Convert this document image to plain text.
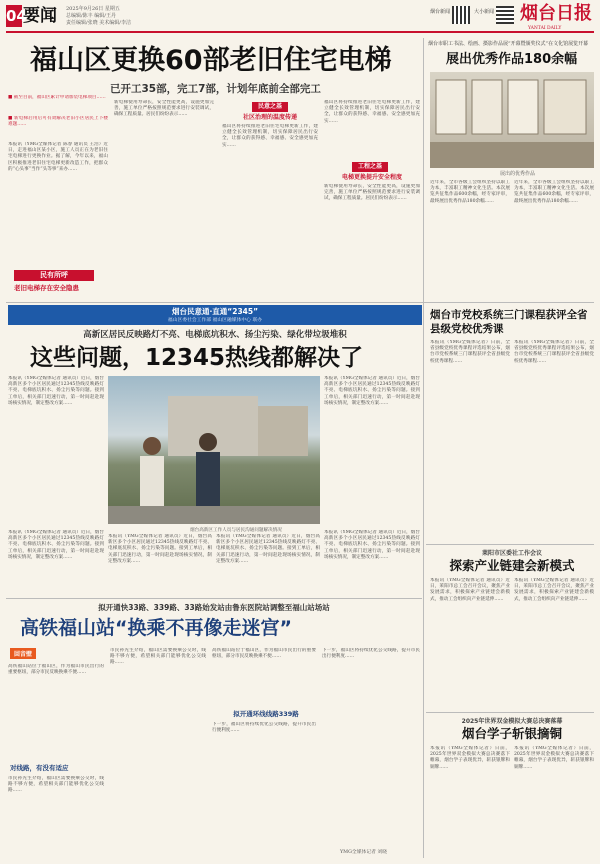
04
要闻 2025年9月26日 星期五
总编辑/陈丰 编辑/王丹
责任编辑/张晓 美术编辑/李洁
烟台新闻	大小新闻 烟台日报
YANTAI DAILY
福山区更换60部老旧住宅电梯
已开工35部，完工7部，计划年底前全部完工
■ 截至目前，福山区累计申请加装电梯项目……
■ 新电梯启用后可有效解决老旧小区居民上下楼难题……
本报讯（YMG全媒体记者 陈春 通讯员 王浩）近日，走进福山区某小区，施工人员正在为老旧住宅电梯进行更换作业。据了解，今年以来，福山区积极推进老旧住宅电梯更新改造工作，把群众的“心头事”当作“头等事”来办……
民有所呼
老旧电梯存在安全隐患
新电梯使用寿命长，安全性能更高，设施更加完善，施工单位严格按照规范要求进行安装调试，确保工程质量。居民们纷纷表示……
民意之基
社区治理的温度传递
福山区将持续推进老旧住宅电梯更新工作，建立健全长效管理机制，切实保障居民出行安全，让群众的获得感、幸福感、安全感更加充实……
福山区将持续推进老旧住宅电梯更新工作，建立健全长效管理机制，切实保障居民出行安全，让群众的获得感、幸福感、安全感更加充实……
工程之基
电梯更换提升安全程度
新电梯使用寿命长，安全性能更高，设施更加完善，施工单位严格按照规范要求进行安装调试，确保工程质量。居民们纷纷表示……
烟台市职工书法、绘画、摄影作品展“开幕暨颁奖仪式”在文化馆展览开幕
展出优秀作品180余幅
展出的优秀作品
近年来，全市各级工会组织坚持以职工为本，丰富职工精神文化生活。本次展览共征集作品600余幅，经专家评审，最终展出优秀作品180余幅……
近年来，全市各级工会组织坚持以职工为本，丰富职工精神文化生活。本次展览共征集作品600余幅，经专家评审，最终展出优秀作品180余幅……
烟台民意通·直通“2345”
福山区委社会工作部 福山区融媒体中心 联办
高新区居民反映路灯不亮、电梯底坑积水、扬尘污染、绿化带垃圾堆积
这些问题，12345热线都解决了
本报讯（YMG全媒体记者 通讯员）近日，烟台高新区多个小区居民通过12345热线反映路灯不亮、电梯底坑积水、扬尘污染等问题。接到工单后，相关部门迅速行动，第一时间赶赴现场核实情况，制定整改方案……
烟台高新区工作人员与居民沟通问题解决情况
本报讯（YMG全媒体记者 通讯员）近日，烟台高新区多个小区居民通过12345热线反映路灯不亮、电梯底坑积水、扬尘污染等问题。接到工单后，相关部门迅速行动，第一时间赶赴现场核实情况，制定整改方案……
本报讯（YMG全媒体记者 通讯员）近日，烟台高新区多个小区居民通过12345热线反映路灯不亮、电梯底坑积水、扬尘污染等问题。接到工单后，相关部门迅速行动，第一时间赶赴现场核实情况，制定整改方案……
本报讯（YMG全媒体记者 通讯员）近日，烟台高新区多个小区居民通过12345热线反映路灯不亮、电梯底坑积水、扬尘污染等问题。接到工单后，相关部门迅速行动，第一时间赶赴现场核实情况，制定整改方案……
本报讯（YMG全媒体记者 通讯员）近日，烟台高新区多个小区居民通过12345热线反映路灯不亮、电梯底坑积水、扬尘污染等问题。接到工单后，相关部门迅速行动，第一时间赶赴现场核实情况，制定整改方案……
本报讯（YMG全媒体记者 通讯员）近日，烟台高新区多个小区居民通过12345热线反映路灯不亮、电梯底坑积水、扬尘污染等问题。接到工单后，相关部门迅速行动，第一时间赶赴现场核实情况，制定整改方案……
烟台市党校系统三门课程获评全省县级党校优秀课
本报讯（YMG全媒体记者）日前，全省县级党校优秀课程评选结果公布，烟台市党校系统三门课程获评全省县级党校优秀课程……
本报讯（YMG全媒体记者）日前，全省县级党校优秀课程评选结果公布，烟台市党校系统三门课程获评全省县级党校优秀课程……
莱阳市区委社工作会议
探索产业链建会新模式
本报讯（YMG全媒体记者 通讯员）近日，莱阳市总工会召开会议，聚焦产业发展需求，积极探索产业链建会新模式，推动工会组织向产业链延伸……
本报讯（YMG全媒体记者 通讯员）近日，莱阳市总工会召开会议，聚焦产业发展需求，积极探索产业链建会新模式，推动工会组织向产业链延伸……
2025年世界双金模拟大赛总决赛落幕
烟台学子斩银摘铜
本报讯（YMG全媒体记者）日前，2025年世界双金模拟大赛总决赛落下帷幕，烟台学子表现优异，斩获银牌和铜牌……
本报讯（YMG全媒体记者）日前，2025年世界双金模拟大赛总决赛落下帷幕，烟台学子表现优异，斩获银牌和铜牌……
拟开通快33路、339路、33路始发站由鲁东医院站调整至福山站场站
高铁福山站“换乘不再像走迷宫”
回音壁
高铁福山站位于福山区，作为福山市民出行的重要枢纽，部分市民反映换乘不便……
对线路，有没有适应
市民孙先生介绍，福山区需要换乘公交时，线路不够方便，希望相关部门能够优化公交线路……
市民孙先生介绍，福山区需要换乘公交时，线路不够方便，希望相关部门能够优化公交线路……
拟开通环线线路339路
高铁福山站位于福山区，作为福山市民出行的重要枢纽，部分市民反映换乘不便……
下一步，福山区将持续优化公交线路，提升市民出行便利度……
下一步，福山区将持续优化公交线路，提升市民出行便利度……
YMG全媒体记者 刘晓
